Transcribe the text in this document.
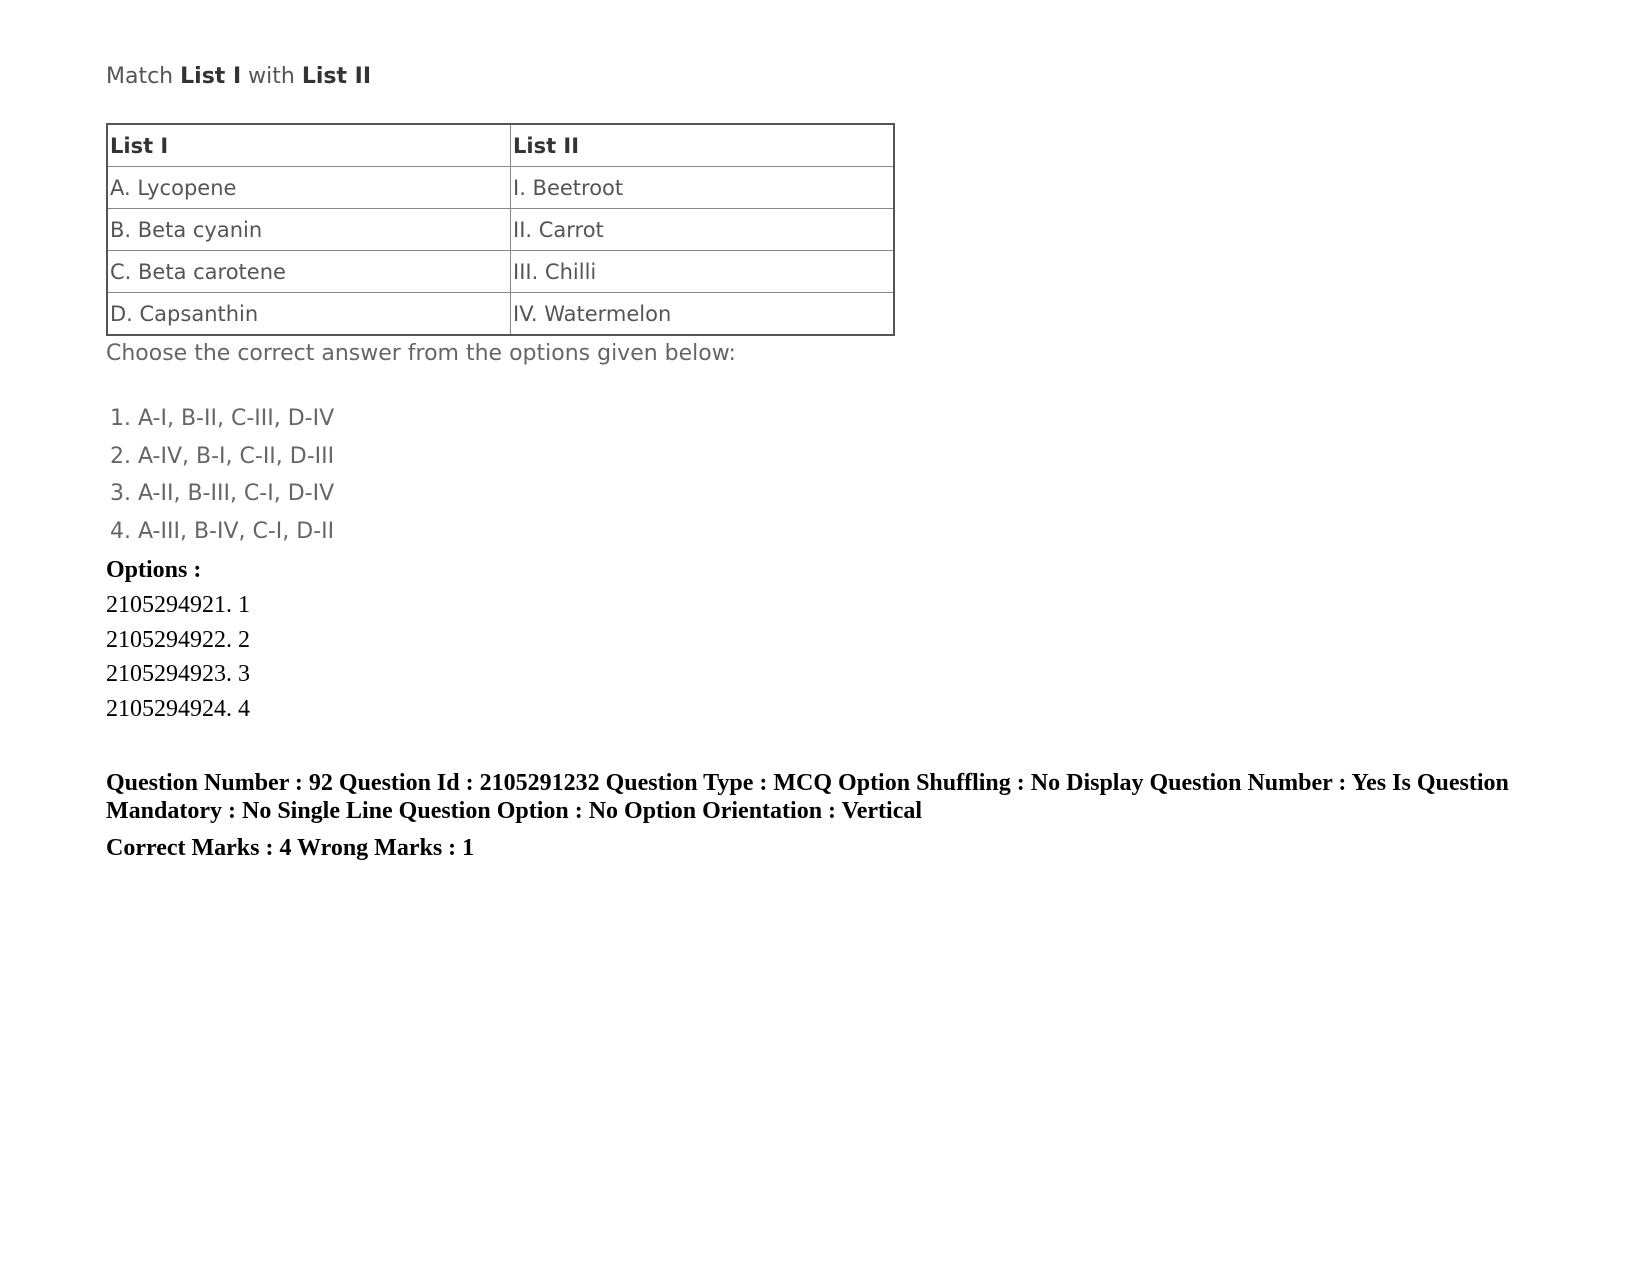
Match List I with List II
List I	List II
A. Lycopene	I. Beetroot
B. Beta cyanin	II. Carrot
C. Beta carotene	III. Chilli
D. Capsanthin	IV. Watermelon
Choose the correct answer from the options given below:
1. A-I, B-II, C-III, D-IV
2. A-IV, B-I, C-II, D-III
3. A-II, B-III, C-I, D-IV
4. A-III, B-IV, C-I, D-II
Options :
2105294921. 1
2105294922. 2
2105294923. 3
2105294924. 4
Question Number : 92 Question Id : 2105291232 Question Type : MCQ Option Shuffling : No Display Question Number : Yes Is Question Mandatory : No Single Line Question Option : No Option Orientation : Vertical
Correct Marks : 4 Wrong Marks : 1
